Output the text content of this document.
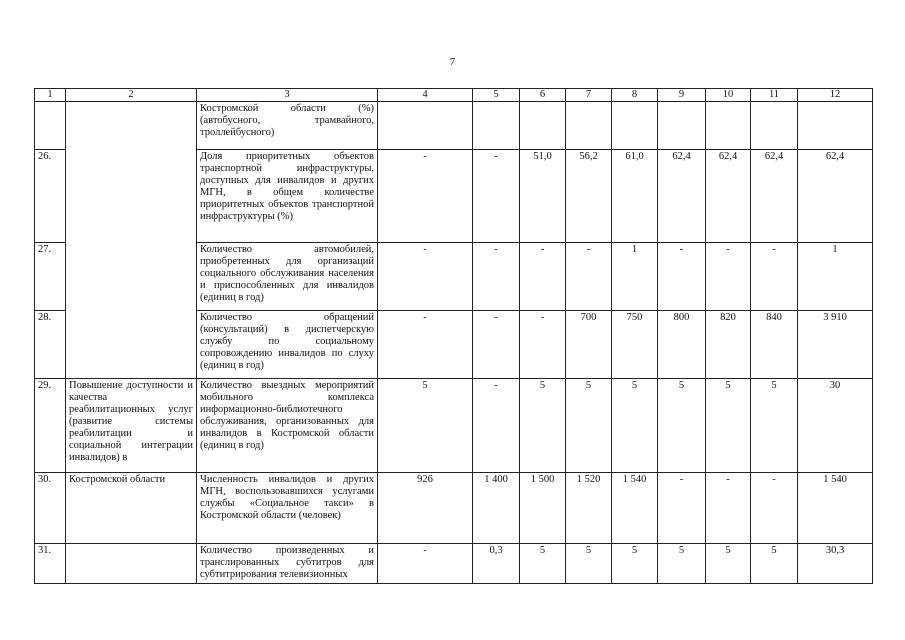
7
1	2	3	4	5	6	7	8	9	10	11	12
		Костромской области (%) (автобусного, трамвайного, троллейбусного)									
26.		Доля приоритетных объектов транспортной инфраструктуры, доступных для инвалидов и других МГН, в общем количестве приоритетных объектов транспортной инфраструктуры (%)	-	-	51,0	56,2	61,0	62,4	62,4	62,4	62,4
27.		Количество автомобилей, приобретенных для организаций социального обслуживания населения и приспособленных для инвалидов (единиц в год)	-	-	-	-	1	-	-	-	1
28.		Количество обращений (консультаций) в диспетчерскую службу по социальному сопровождению инвалидов по слуху (единиц в год)	-	-	-	700	750	800	820	840	3 910
29.	Повышение доступности и качества реабилитационных услуг (развитие системы реабилитации и социальной интеграции инвалидов) в	Количество выездных мероприятий мобильного комплекса информационно-библиотечного обслуживания, организованных для инвалидов в Костромской области (единиц в год)	5	-	5	5	5	5	5	5	30
30.	Костромской области	Численность инвалидов и других МГН, воспользовавшихся услугами службы «Социальное такси» в Костромской области (человек)	926	1 400	1 500	1 520	1 540	-	-	-	1 540
31.		Количество произведенных и транслированных субтитров для субтитрирования телевизионных	-	0,3	5	5	5	5	5	5	30,3
